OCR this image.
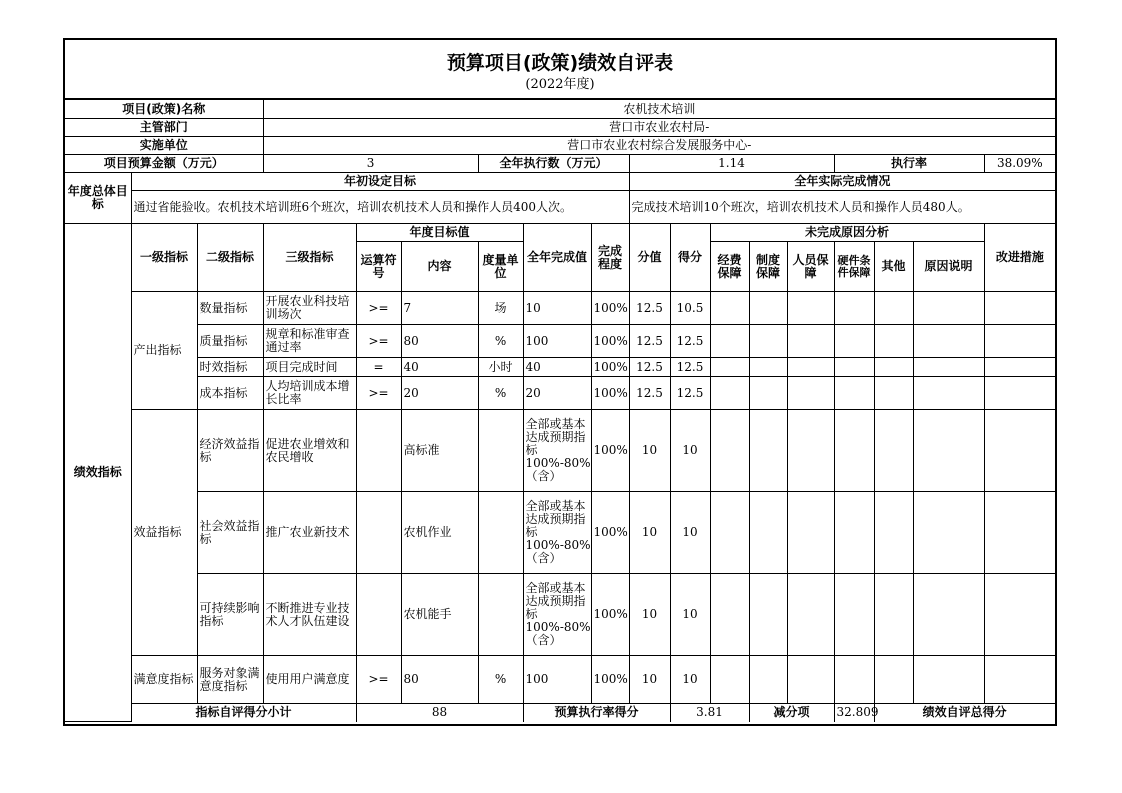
预算项目(政策)绩效自评表
(2022年度)
项目(政策)名称			农机技术培训															
主管部门			营口市农业农村局-															
实施单位			营口市农业农村综合发展服务中心-															
项目预算金额（万元）			3			全年执行数（万元）			1.14					执行率			38.09%	
年度总体目标	年初设定目标								全年实际完成情况									
	通过省能验收。农机技术培训班6个班次，培训农机技术人员和操作人员400人次。								完成技术培训10个班次，培训农机技术人员和操作人员480人。									
绩效指标	一级指标	二级指标	三级指标	年度目标值			全年完成值	完成程度	分值	得分	未完成原因分析						改进措施	
				运算符号	内容	度量单位					经费保障	制度保障	人员保障	硬件条件保障	其他	原因说明		
	产出指标	数量指标	开展农业科技培训场次	>=	7	场	10	100%	12.5	10.5								
		质量指标	规章和标准审查通过率	>=	80	%	100	100%	12.5	12.5								
		时效指标	项目完成时间	=	40	小时	40	100%	12.5	12.5								
		成本指标	人均培训成本增长比率	>=	20	%	20	100%	12.5	12.5								
	效益指标	经济效益指标	促进农业增效和农民增收		高标准		全部或基本达成预期指标100%-80%（含）	100%	10	10								
		社会效益指标	推广农业新技术		农机作业		全部或基本达成预期指标100%-80%（含）	100%	10	10								
		可持续影响指标	不断推进专业技术人才队伍建设		农机能手		全部或基本达成预期指标100%-80%（含）	100%	10	10								
	满意度指标	服务对象满意度指标	使用用户满意度	>=	80	%	100	100%	10	10								
	指标自评得分小计			88			预算执行率得分			3.81		减分项		32.809	绩效自评总得分	
